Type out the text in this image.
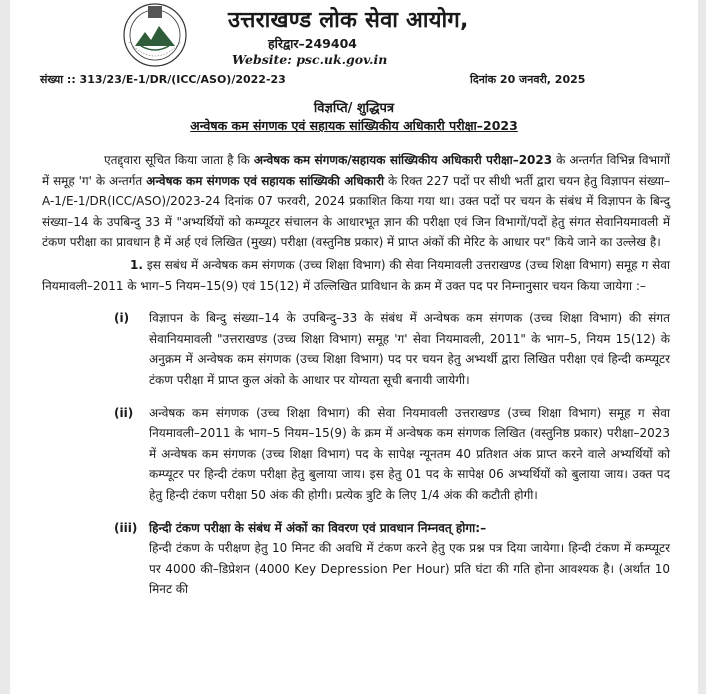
उत्तराखण्ड लोक सेवा आयोग,
हरिद्वार–249404
Website: psc.uk.gov.in
संख्या :: 313/23/E-1/DR/(ICC/ASO)/2022-23	दिनांक 20 जनवरी, 2025
विज्ञप्ति/ शुद्धिपत्र
अन्वेषक कम संगणक एवं सहायक सांख्यिकीय अधिकारी परीक्षा–2023

एतद्द्वारा सूचित किया जाता है कि अन्वेषक कम संगणक/सहायक सांख्यिकीय अधिकारी परीक्षा–2023 के अन्तर्गत विभिन्न विभागों में समूह 'ग' के अन्तर्गत अन्वेषक कम संगणक एवं सहायक सांख्यिकी अधिकारी के रिक्त 227 पदों पर सीधी भर्ती द्वारा चयन हेतु विज्ञापन संख्या–A-1/E-1/DR(ICC/ASO)/2023-24 दिनांक 07 फरवरी, 2024 प्रकाशित किया गया था। उक्त पदों पर चयन के संबंध में विज्ञापन के बिन्दु संख्या–14 के उपबिन्दु 33 में "अभ्यर्थियों को कम्प्यूटर संचालन के आधारभूत ज्ञान की परीक्षा एवं जिन विभागों/पदों हेतु संगत सेवानियमावली में टंकण परीक्षा का प्रावधान है में अर्ह एवं लिखित (मुख्य) परीक्षा (वस्तुनिष्ठ प्रकार) में प्राप्त अंकों की मेरिट के आधार पर" किये जाने का उल्लेख है।

1. इस सबंध में अन्वेषक कम संगणक (उच्च शिक्षा विभाग) की सेवा नियमावली उत्तराखण्ड (उच्च शिक्षा विभाग) समूह ग सेवा नियमावली–2011 के भाग–5 नियम–15(9) एवं 15(12) में उल्लिखित प्राविधान के क्रम में उक्त पद पर निम्नानुसार चयन किया जायेगा :–

(i) विज्ञापन के बिन्दु संख्या–14 के उपबिन्दु–33 के संबंध में अन्वेषक कम संगणक (उच्च शिक्षा विभाग) की संगत सेवानियमावली "उत्तराखण्ड (उच्च शिक्षा विभाग) समूह 'ग' सेवा नियमावली, 2011" के भाग–5, नियम 15(12) के अनुक्रम में अन्वेषक कम संगणक (उच्च शिक्षा विभाग) पद पर चयन हेतु अभ्यर्थी द्वारा लिखित परीक्षा एवं हिन्दी कम्प्यूटर टंकण परीक्षा में प्राप्त कुल अंको के आधार पर योग्यता सूची बनायी जायेगी।

(ii) अन्वेषक कम संगणक (उच्च शिक्षा विभाग) की सेवा नियमावली उत्तराखण्ड (उच्च शिक्षा विभाग) समूह ग सेवा नियमावली–2011 के भाग–5 नियम–15(9) के क्रम में अन्वेषक कम संगणक लिखित (वस्तुनिष्ठ प्रकार) परीक्षा–2023 में अन्वेषक कम संगणक (उच्च शिक्षा विभाग) पद के सापेक्ष न्यूनतम 40 प्रतिशत अंक प्राप्त करने वाले अभ्यर्थियों को कम्प्यूटर पर हिन्दी टंकण परीक्षा हेतु बुलाया जाय। इस हेतु 01 पद के सापेक्ष 06 अभ्यर्थियों को बुलाया जाय। उक्त पद हेतु हिन्दी टंकण परीक्षा 50 अंक की होगी। प्रत्येक त्रुटि के लिए 1/4 अंक की कटौती होगी।

(iii) हिन्दी टंकण परीक्षा के संबंध में अंकों का विवरण एवं प्रावधान निम्नवत् होगा:–
हिन्दी टंकण के परीक्षण हेतु 10 मिनट की अवधि में टंकण करने हेतु एक प्रश्न पत्र दिया जायेगा। हिन्दी टंकण में कम्प्यूटर पर 4000 की–डिप्रेशन (4000 Key Depression Per Hour) प्रति घंटा की गति होना आवश्यक है। (अर्थात 10 मिनट की
